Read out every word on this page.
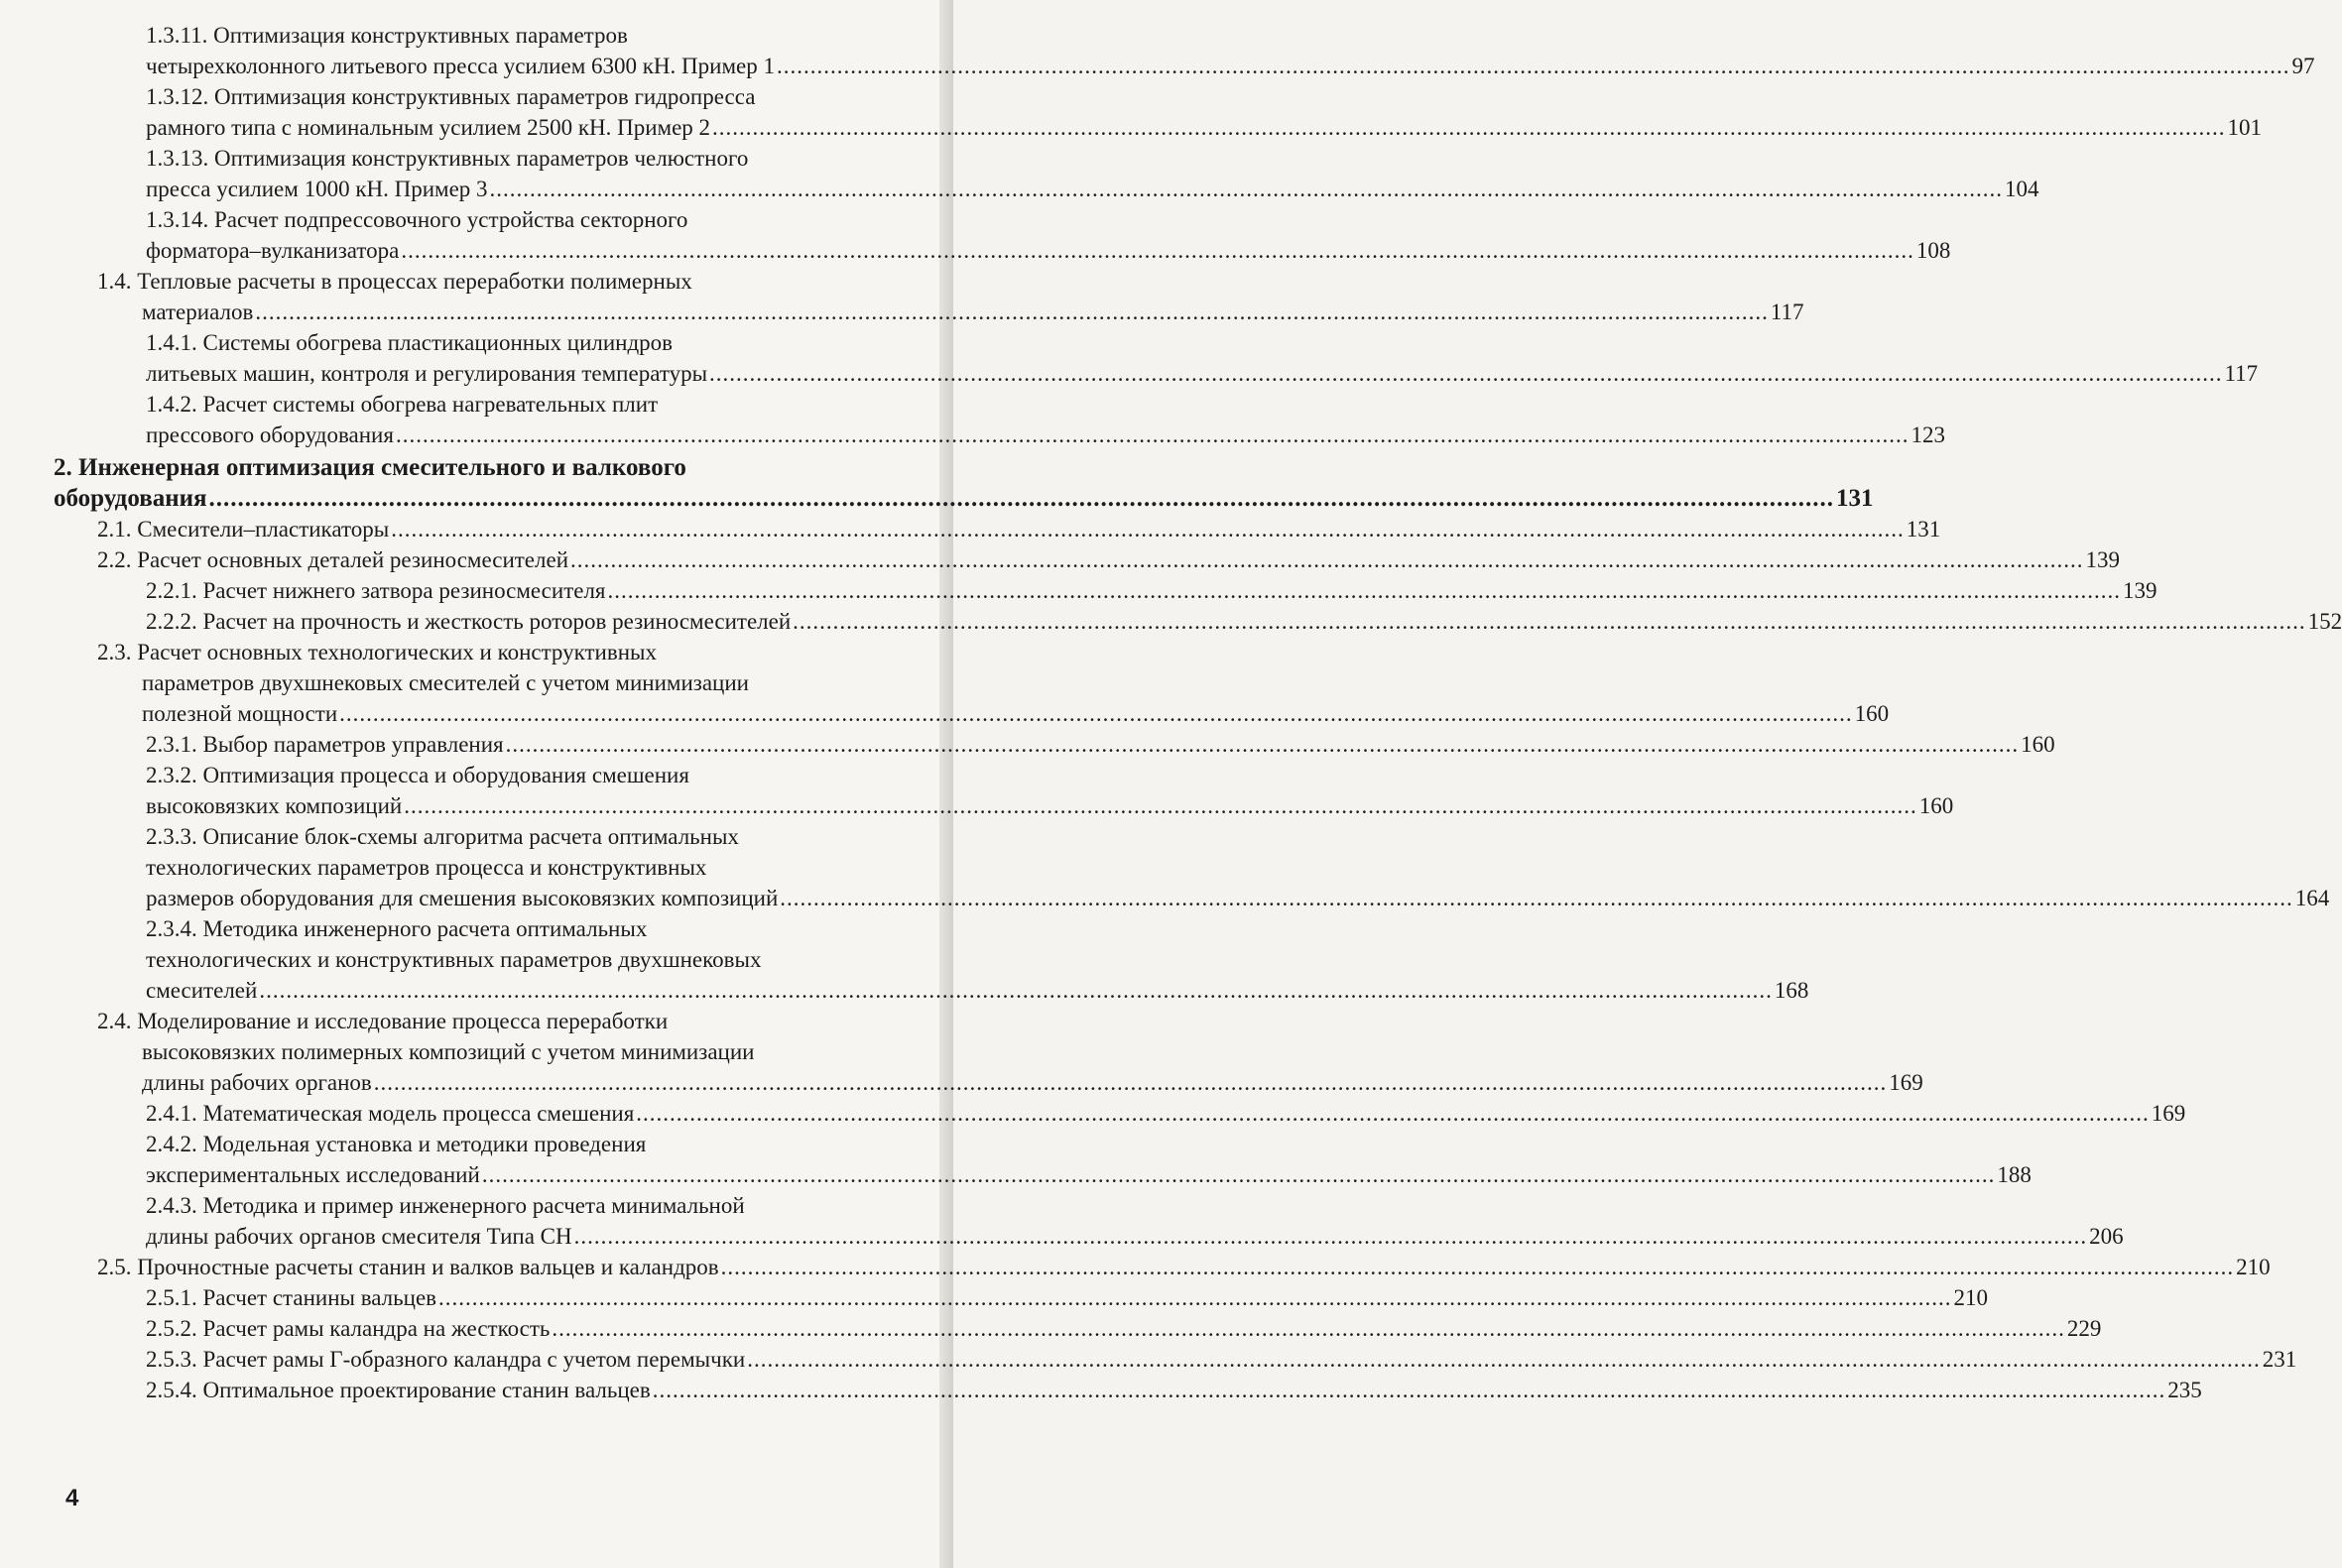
1.3.11. Оптимизация конструктивных параметров
четырехколонного литьевого пресса усилием 6300 кН. Пример 1 .....	97
1.3.12. Оптимизация конструктивных параметров гидропресса
рамного типа с номинальным усилием 2500 кН. Пример 2 .....	101
1.3.13. Оптимизация конструктивных параметров челюстного
пресса усилием 1000 кН. Пример 3 .....	104
1.3.14. Расчет подпрессовочного устройства секторного
форматора–вулканизатора .....	108
1.4. Тепловые расчеты в процессах переработки полимерных
материалов .....	117
1.4.1. Системы обогрева пластикационных цилиндров
литьевых машин, контроля и регулирования температуры .....	117
1.4.2. Расчет системы обогрева нагревательных плит
прессового оборудования .....	123
2. Инженерная оптимизация смесительного и валкового
оборудования .....	131
2.1. Смесители–пластикаторы .....	131
2.2. Расчет основных деталей резиносмесителей .....	139
2.2.1. Расчет нижнего затвора резиносмесителя .....	139
2.2.2. Расчет на прочность и жесткость роторов резиносмесителей .....	152
2.3. Расчет основных технологических и конструктивных
параметров двухшнековых смесителей с учетом минимизации
полезной мощности .....	160
2.3.1. Выбор параметров управления .....	160
2.3.2. Оптимизация процесса и оборудования смешения
высоковязких композиций .....	160
2.3.3. Описание блок-схемы алгоритма расчета оптимальных
технологических параметров процесса и конструктивных
размеров оборудования для смешения высоковязких композиций .....	164
2.3.4. Методика инженерного расчета оптимальных
технологических и конструктивных параметров двухшнековых
смесителей .....	168
2.4. Моделирование и исследование процесса переработки
высоковязких полимерных композиций с учетом минимизации
длины рабочих органов .....	169
2.4.1. Математическая модель процесса смешения .....	169
2.4.2. Модельная установка и методики проведения
экспериментальных исследований .....	188
2.4.3. Методика и пример инженерного расчета минимальной
длины рабочих органов смесителя Типа СН .....	206
2.5. Прочностные расчеты станин и валков вальцев и каландров .....	210
2.5.1. Расчет станины вальцев .....	210
2.5.2. Расчет рамы каландра на жесткость .....	229
2.5.3. Расчет рамы Г-образного каландра с учетом перемычки .....	231
2.5.4. Оптимальное проектирование станин вальцев .....	235
4
